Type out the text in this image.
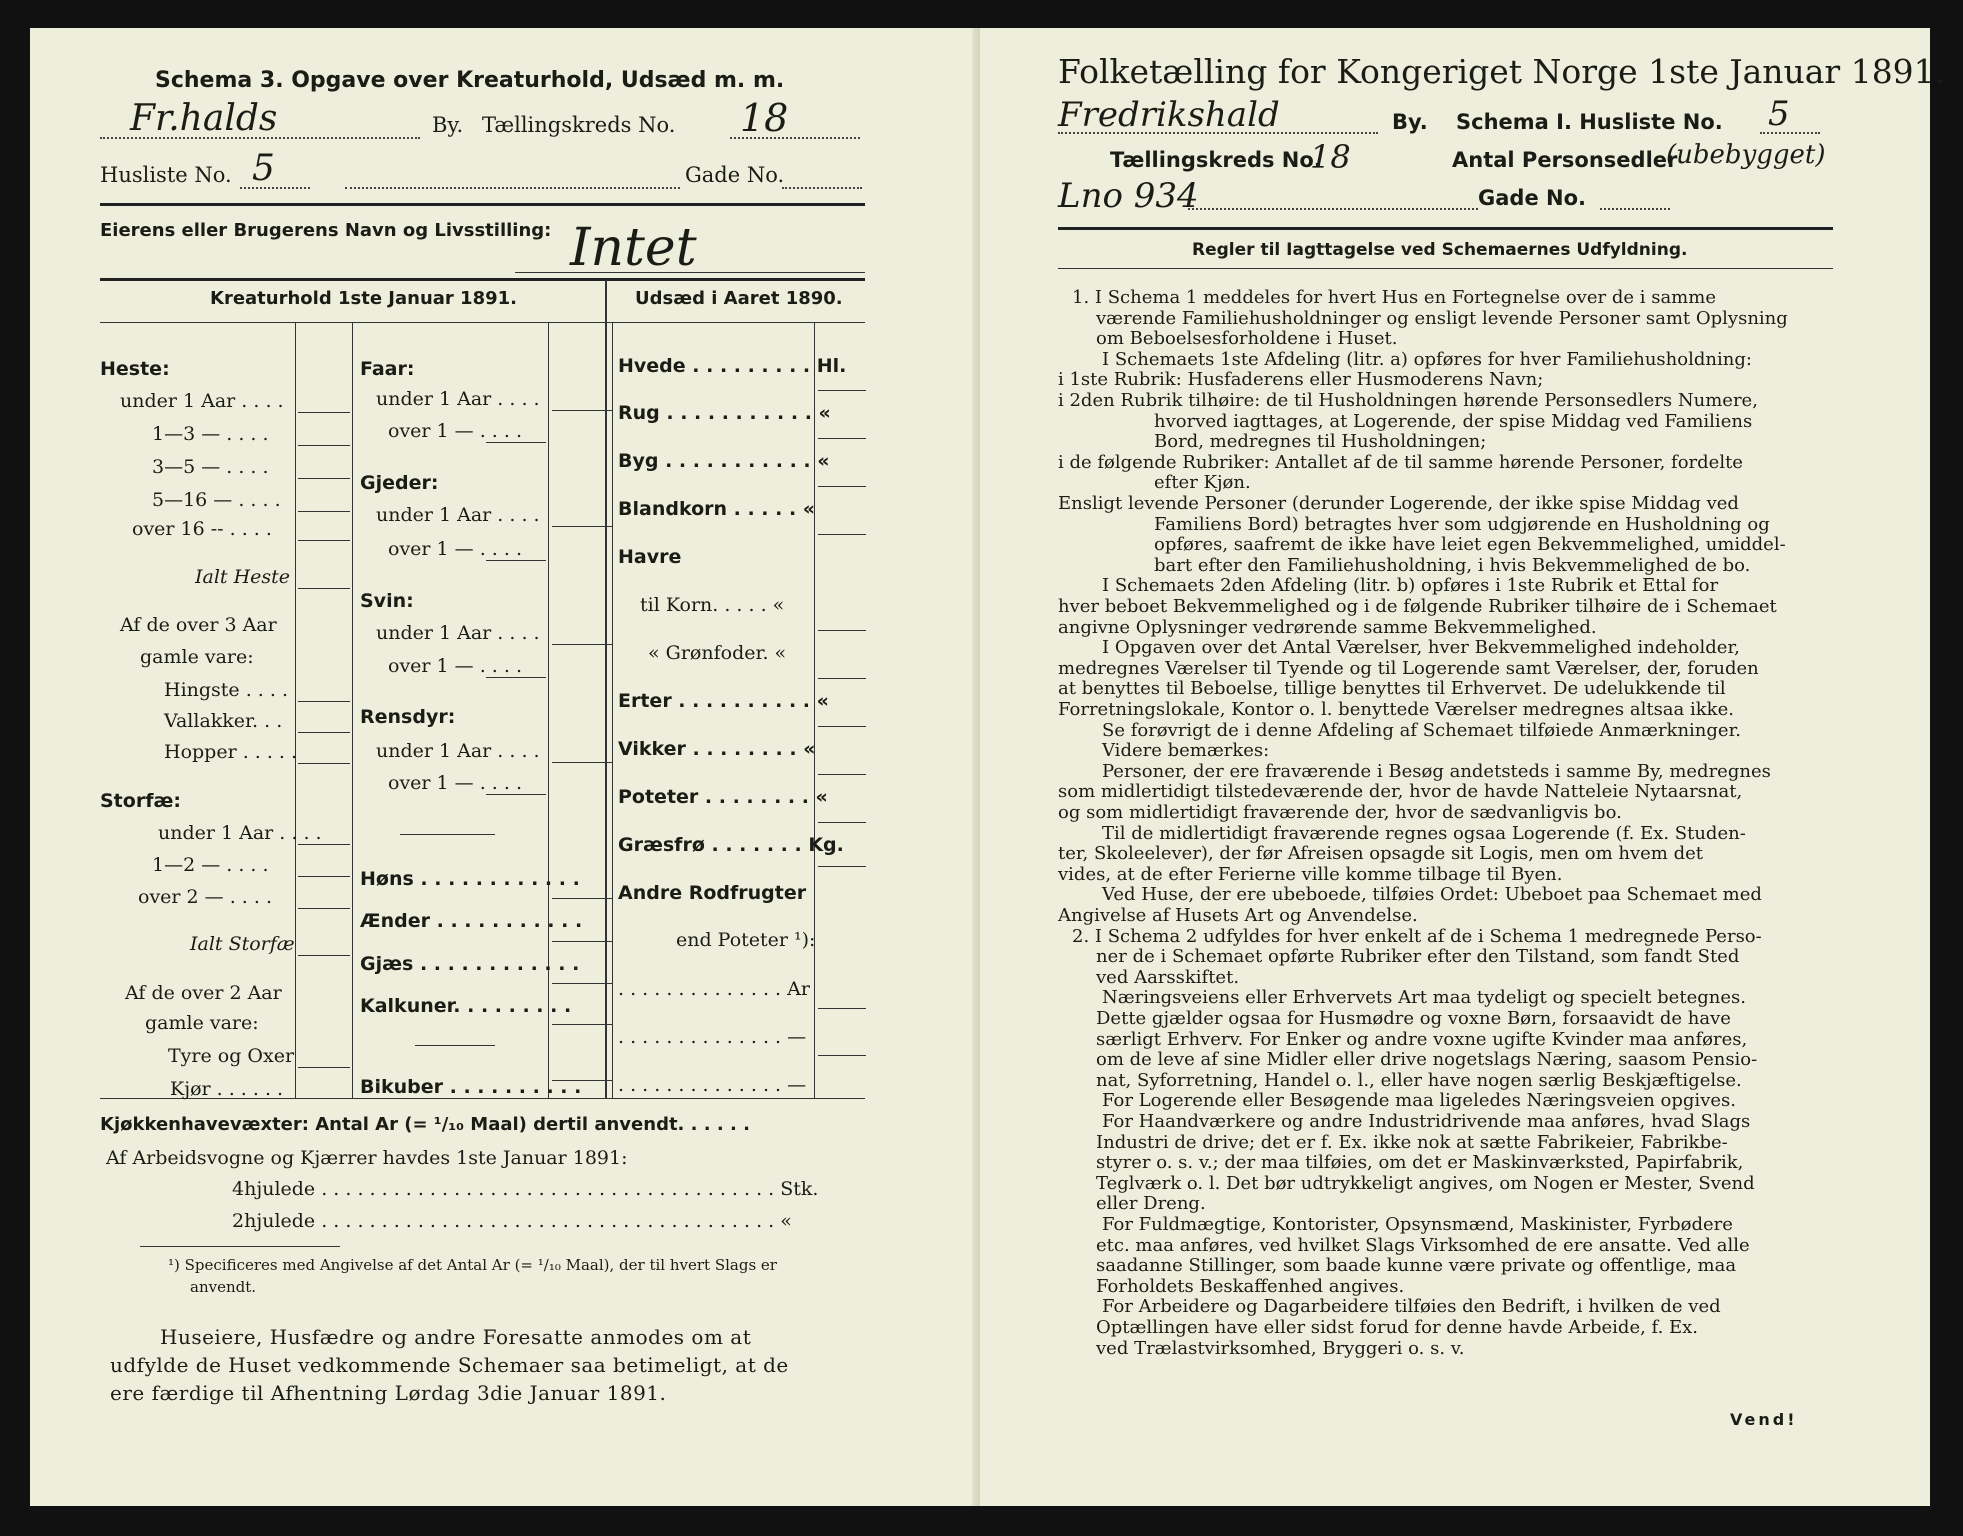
Schema 3. Opgave over Kreaturhold, Udsæd m. m.
Fr.halds	By. Tællingskreds No. 18
Husliste No. 5	Gade No.
Eierens eller Brugerens Navn og Livsstilling: Intet
Kreaturhold 1ste Januar 1891.	Udsæd i Aaret 1890.
Heste:
under 1 Aar . . . .
1—3 — . . . .
3—5 — . . . .
5—16 — . . . .
over 16 -- . . . .
Ialt Heste
Af de over 3 Aar
gamle vare:
Hingste . . . .
Vallakker. . .
Hopper . . . . .
Storfæ:
under 1 Aar . . . .
1—2 — . . . .
over 2 — . . . .
Ialt Storfæ
Af de over 2 Aar
gamle vare:
Tyre og Oxer
Kjør . . . . . .
Faar:
under 1 Aar . . . .
over 1 — . . . .
Gjeder:
under 1 Aar . . . .
over 1 — . . . .
Svin:
under 1 Aar . . . .
over 1 — . . . .
Rensdyr:
under 1 Aar . . . .
over 1 — . . . .
Høns . . . . . . . . . . . .
Ænder . . . . . . . . . . .
Gjæs . . . . . . . . . . . .
Kalkuner. . . . . . . . .
Bikuber . . . . . . . . . .
Hvede . . . . . . . . . Hl.
Rug . . . . . . . . . . . «
Byg . . . . . . . . . . . «
Blandkorn . . . . . «
Havre
til Korn. . . . . «
« Grønfoder. «
Erter . . . . . . . . . . «
Vikker . . . . . . . . «
Poteter . . . . . . . . «
Græsfrø . . . . . . . Kg.
Andre Rodfrugter
end Poteter ¹):
. . . . . . . . . . . . . . Ar
. . . . . . . . . . . . . . —
. . . . . . . . . . . . . . —
Kjøkkenhavevæxter: Antal Ar (= ¹/₁₀ Maal) dertil anvendt. . . . . .
Af Arbeidsvogne og Kjærrer havdes 1ste Januar 1891:
4hjulede . . . . . . . . . . . . . . . . . . . . . . . . . . . . . . . . . . . . . . Stk.
2hjulede . . . . . . . . . . . . . . . . . . . . . . . . . . . . . . . . . . . . . . «
¹) Specificeres med Angivelse af det Antal Ar (= ¹/₁₀ Maal), der til hvert Slags er
anvendt.
Huseiere, Husfædre og andre Foresatte anmodes om at
udfylde de Huset vedkommende Schemaer saa betimeligt, at de
ere færdige til Afhentning Lørdag 3die Januar 1891.
Folketælling for Kongeriget Norge 1ste Januar 1891.
Fredrikshald	By. Schema I. Husliste No. 5
Tællingskreds No.
18	Antal Personsedler
(ubebygget)
Lno 934	Gade No.
Regler til Iagttagelse ved Schemaernes Udfyldning.
1. I Schema 1 meddeles for hvert Hus en Fortegnelse over de i samme
værende Familiehusholdninger og ensligt levende Personer samt Oplysning
om Beboelsesforholdene i Huset.
I Schemaets 1ste Afdeling (litr. a) opføres for hver Familiehusholdning:
i 1ste Rubrik: Husfaderens eller Husmoderens Navn;
i 2den Rubrik tilhøire: de til Husholdningen hørende Personsedlers Numere,
hvorved iagttages, at Logerende, der spise Middag ved Familiens
Bord, medregnes til Husholdningen;
i de følgende Rubriker: Antallet af de til samme hørende Personer, fordelte
efter Kjøn.
Ensligt levende Personer (derunder Logerende, der ikke spise Middag ved
Familiens Bord) betragtes hver som udgjørende en Husholdning og
opføres, saafremt de ikke have leiet egen Bekvemmelighed, umiddel-
bart efter den Familiehusholdning, i hvis Bekvemmelighed de bo.
I Schemaets 2den Afdeling (litr. b) opføres i 1ste Rubrik et Ettal for
hver beboet Bekvemmelighed og i de følgende Rubriker tilhøire de i Schemaet
angivne Oplysninger vedrørende samme Bekvemmelighed.
I Opgaven over det Antal Værelser, hver Bekvemmelighed indeholder,
medregnes Værelser til Tyende og til Logerende samt Værelser, der, foruden
at benyttes til Beboelse, tillige benyttes til Erhvervet. De udelukkende til
Forretningslokale, Kontor o. l. benyttede Værelser medregnes altsaa ikke.
Se forøvrigt de i denne Afdeling af Schemaet tilføiede Anmærkninger.
Videre bemærkes:
Personer, der ere fraværende i Besøg andetsteds i samme By, medregnes
som midlertidigt tilstedeværende der, hvor de havde Natteleie Nytaarsnat,
og som midlertidigt fraværende der, hvor de sædvanligvis bo.
Til de midlertidigt fraværende regnes ogsaa Logerende (f. Ex. Studen-
ter, Skoleelever), der før Afreisen opsagde sit Logis, men om hvem det
vides, at de efter Ferierne ville komme tilbage til Byen.
Ved Huse, der ere ubeboede, tilføies Ordet: Ubeboet paa Schemaet med
Angivelse af Husets Art og Anvendelse.
2. I Schema 2 udfyldes for hver enkelt af de i Schema 1 medregnede Perso-
ner de i Schemaet opførte Rubriker efter den Tilstand, som fandt Sted
ved Aarsskiftet.
Næringsveiens eller Erhvervets Art maa tydeligt og specielt betegnes.
Dette gjælder ogsaa for Husmødre og voxne Børn, forsaavidt de have
særligt Erhverv. For Enker og andre voxne ugifte Kvinder maa anføres,
om de leve af sine Midler eller drive nogetslags Næring, saasom Pensio-
nat, Syforretning, Handel o. l., eller have nogen særlig Beskjæftigelse.
For Logerende eller Besøgende maa ligeledes Næringsveien opgives.
For Haandværkere og andre Industridrivende maa anføres, hvad Slags
Industri de drive; det er f. Ex. ikke nok at sætte Fabrikeier, Fabrikbe-
styrer o. s. v.; der maa tilføies, om det er Maskinværksted, Papirfabrik,
Teglværk o. l. Det bør udtrykkeligt angives, om Nogen er Mester, Svend
eller Dreng.
For Fuldmægtige, Kontorister, Opsynsmænd, Maskinister, Fyrbødere
etc. maa anføres, ved hvilket Slags Virksomhed de ere ansatte. Ved alle
saadanne Stillinger, som baade kunne være private og offentlige, maa
Forholdets Beskaffenhed angives.
For Arbeidere og Dagarbeidere tilføies den Bedrift, i hvilken de ved
Optællingen have eller sidst forud for denne havde Arbeide, f. Ex.
ved Trælastvirksomhed, Bryggeri o. s. v.
Vend!
